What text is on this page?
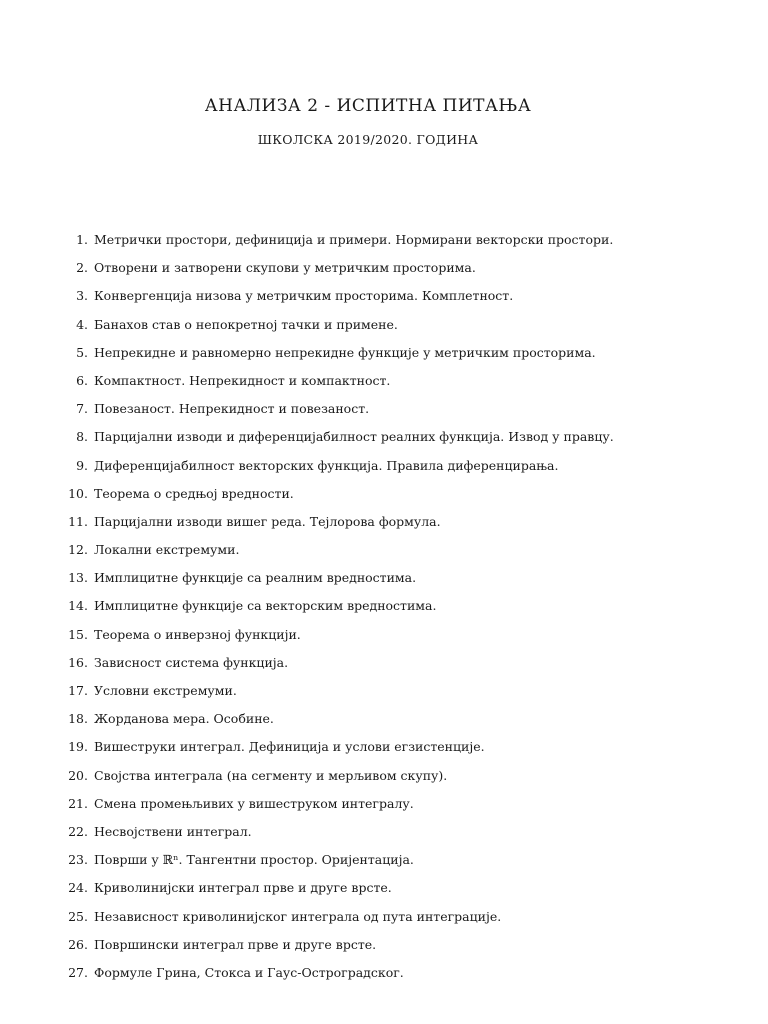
АНАЛИЗА 2 - ИСПИТНА ПИТАЊА

ШКОЛСКА 2019/2020. ГОДИНА

1. Метрички простори, дефиниција и примери. Нормирани векторски простори.
2. Отворени и затворени скупови у метричким просторима.
3. Конвергенција низова у метричким просторима. Комплетност.
4. Банахов став о непокретној тачки и примене.
5. Непрекидне и равномерно непрекидне функције у метричким просторима.
6. Компактност. Непрекидност и компактност.
7. Повезаност. Непрекидност и повезаност.
8. Парцијални изводи и диференцијабилност реалних функција. Извод у правцу.
9. Диференцијабилност векторских функција. Правила диференцирања.
10. Теорема о средњој вредности.
11. Парцијални изводи вишег реда. Тејлорова формула.
12. Локални екстремуми.
13. Имплицитне функције са реалним вредностима.
14. Имплицитне функције са векторским вредностима.
15. Теорема о инверзној функцији.
16. Зависност система функција.
17. Условни екстремуми.
18. Жорданова мера. Особине.
19. Вишеструки интеграл. Дефиниција и услови егзистенције.
20. Својства интеграла (на сегменту и мерљивом скупу).
21. Смена промењљивих у вишеструком интегралу.
22. Несвојствени интеграл.
23. Површи у ℝⁿ. Тангентни простор. Оријентација.
24. Криволинијски интеграл прве и друге врсте.
25. Независност криволинијског интеграла од пута интеграције.
26. Површински интеграл прве и друге врсте.
27. Формуле Грина, Стокса и Гаус-Остроградског.
